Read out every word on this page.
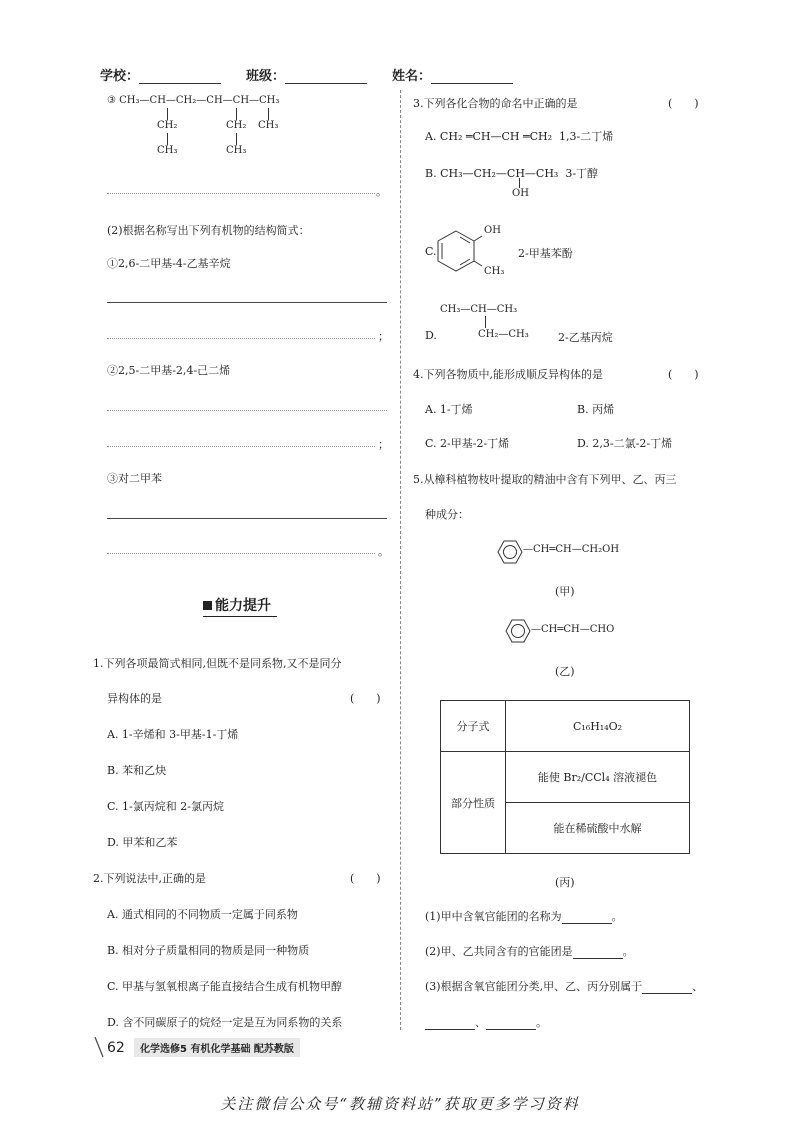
学校：	班级：	姓名：
③ CH₃—CH—CH₂—CH—CH—CH₃
CH₂
CH₃
CH₂
CH₃
CH₃
。
(2)根据名称写出下列有机物的结构简式：
①2,6-二甲基-4-乙基辛烷
；
②2,5-二甲基-2,4-己二烯
；
③对二甲苯
。
能力提升
1.下列各项最简式相同,但既不是同系物,又不是同分
异构体的是	(　　)
A. 1-辛烯和 3-甲基-1-丁烯
B. 苯和乙炔
C. 1-氯丙烷和 2-氯丙烷
D. 甲苯和乙苯
2.下列说法中,正确的是	(　　)
A. 通式相同的不同物质一定属于同系物
B. 相对分子质量相同的物质是同一种物质
C. 甲基与氢氧根离子能直接结合生成有机物甲醇
D. 含不同碳原子的烷烃一定是互为同系物的关系
3.下列各化合物的命名中正确的是	(　　)
A. CH₂ ═CH—CH ═CH₂ 1,3-二丁烯
B. CH₃—CH₂—CH—CH₃ 3-丁醇
OH
C.
OH
CH₃
2-甲基苯酚
CH₃—CH—CH₃
D.	CH₂—CH₃	2-乙基丙烷
4.下列各物质中,能形成顺反异构体的是	(　　)
A. 1-丁烯	B. 丙烯
C. 2-甲基-2-丁烯	D. 2,3-二氯-2-丁烯
5.从樟科植物枝叶提取的精油中含有下列甲、乙、丙三
种成分：
—CH═CH—CH₂OH
(甲)
—CH═CH—CHO
(乙)
分子式	C₁₆H₁₄O₂
部分性质	能使 Br₂/CCl₄ 溶液褪色
	能在稀硫酸中水解
(丙)
(1)甲中含氧官能团的名称为	。
(2)甲、乙共同含有的官能团是	。
(3)根据含氧官能团分类,甲、乙、丙分别属于	、
、	。
62	化学选修5 有机化学基础 配苏教版
关注微信公众号“教辅资料站”获取更多学习资料
